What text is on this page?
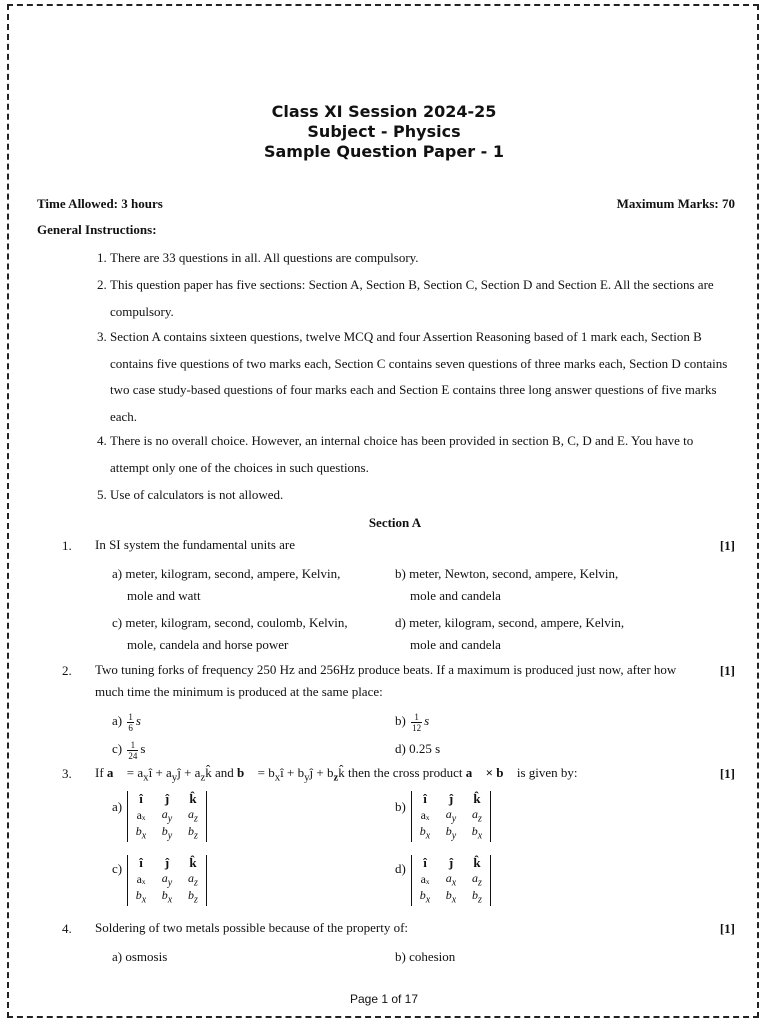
Class XI Session 2024-25
Subject - Physics
Sample Question Paper - 1
Time Allowed: 3 hours	Maximum Marks: 70
General Instructions:
1. There are 33 questions in all. All questions are compulsory.
2. This question paper has five sections: Section A, Section B, Section C, Section D and Section E. All the sections are compulsory.
3. Section A contains sixteen questions, twelve MCQ and four Assertion Reasoning based of 1 mark each, Section B contains five questions of two marks each, Section C contains seven questions of three marks each, Section D contains two case study-based questions of four marks each and Section E contains three long answer questions of five marks each.
4. There is no overall choice. However, an internal choice has been provided in section B, C, D and E. You have to attempt only one of the choices in such questions.
5. Use of calculators is not allowed.
Section A
1. In SI system the fundamental units are	[1]
a) meter, kilogram, second, ampere, Kelvin,
mole and watt
b) meter, Newton, second, ampere, Kelvin,
mole and candela
c) meter, kilogram, second, coulomb, Kelvin,
mole, candela and horse power
d) meter, kilogram, second, ampere, Kelvin,
mole and candela
2. Two tuning forks of frequency 250 Hz and 256Hz produce beats. If a maximum is produced just now, after how much time the minimum is produced at the same place:
[1]
$a) \frac{1}{6}$ s	$b) \frac{1}{12}$ s
$c) \frac{1}{24}$ s	d) 0.25 s
3. If a⃗ = $a_xî$ + $a_yĵ$ + $a_zk̂$ and b⃗ = $b_xî$ + $b_yĵ$ + $b_zk̂$ then the cross product a⃗ × b⃗ is given by:	[1]
a)
î	ĵ	k̂
aₓ	$a_y$	$a_z$
$b_x$	$b_y$	$b_z$
b)
î	ĵ	k̂
aₓ	$a_y$	$a_z$
$b_x$	$b_y$	$b_x$
c) î	ĵ	k̂
aₓ	$a_y$	$a_z$
$b_x$	$b_x$	$b_z$
d) î	ĵ	k̂
aₓ	$a_x$	$a_z$
$b_x$	$b_x$	$b_z$
4. Soldering of two metals possible because of the property of:	[1]
a) osmosis	b) cohesion
Page 1 of 17
